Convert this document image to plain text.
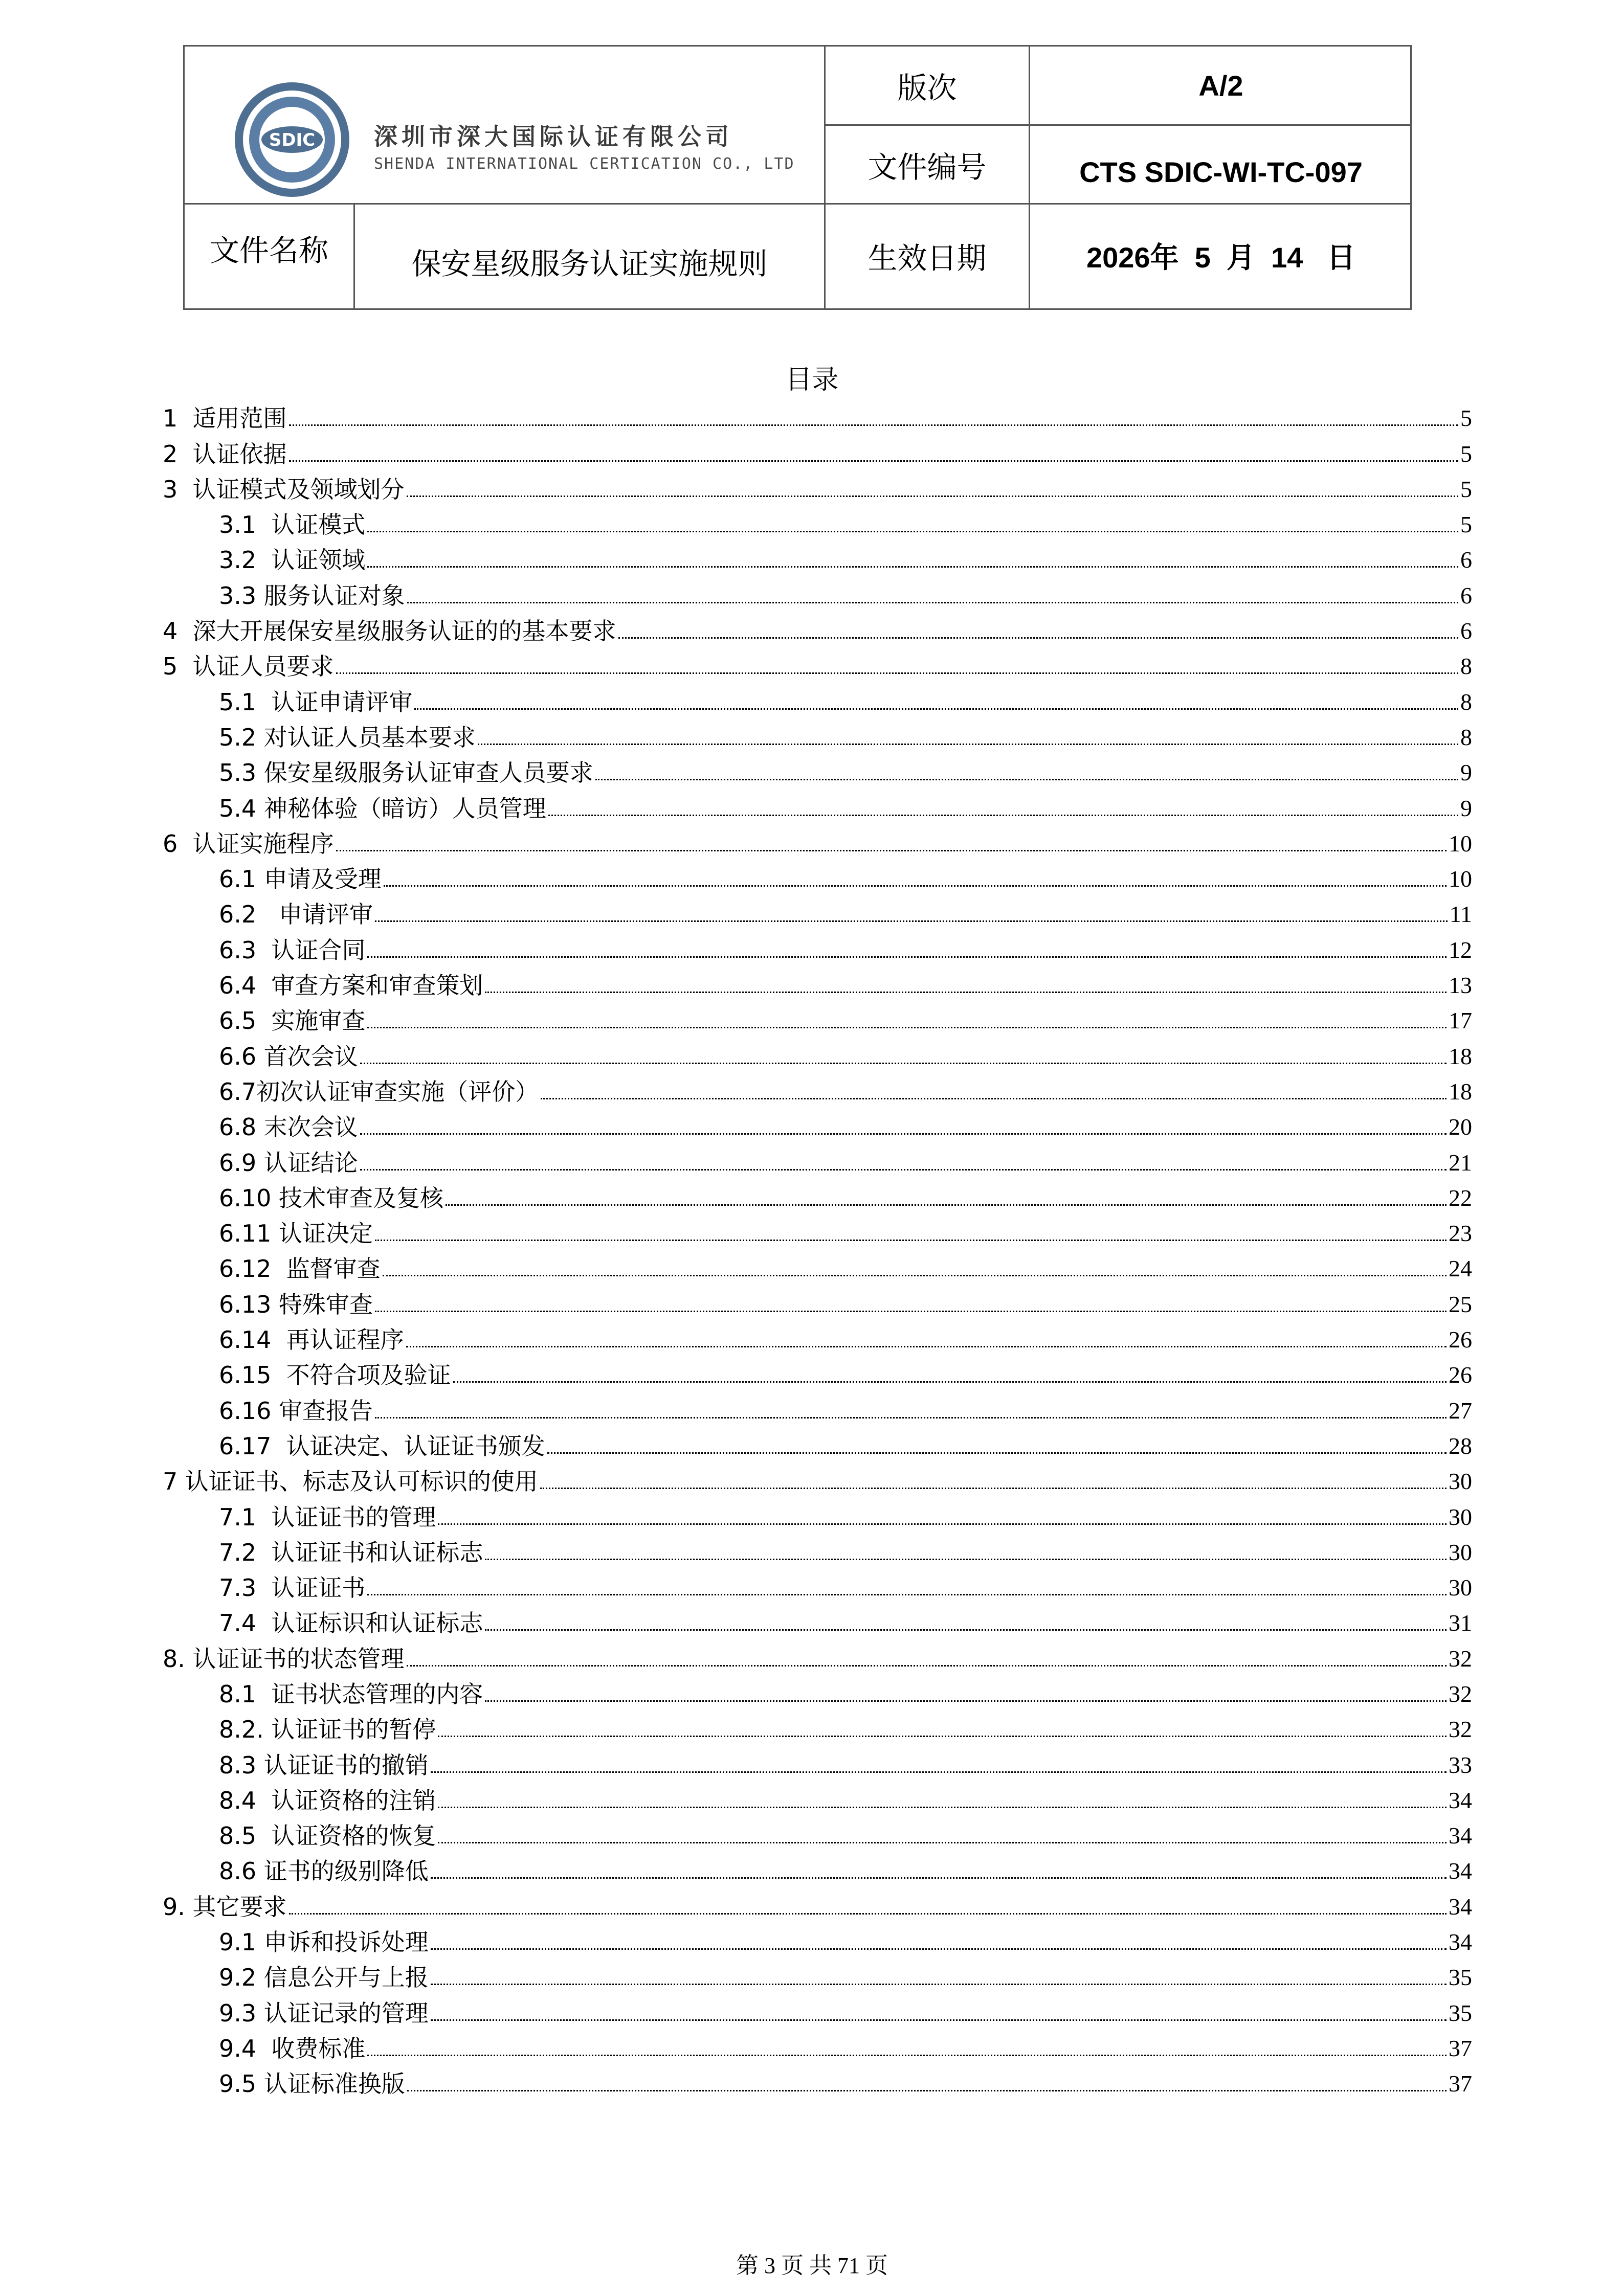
SDIC 深圳市深大国际认证有限公司
SHENDA INTERNATIONAL CERTICATION CO., LTD
版次	A/2
文件编号	CTS SDIC-WI-TC-097
文件名称	保安星级服务认证实施规则	生效日期	2026年  5  月  14   日
目录
1  适用范围	5
2  认证依据	5
3  认证模式及领域划分	5
3.1  认证模式	5
3.2  认证领域	6
3.3 服务认证对象	6
4  深大开展保安星级服务认证的的基本要求	6
5  认证人员要求	8
5.1  认证申请评审	8
5.2 对认证人员基本要求	8
5.3 保安星级服务认证审查人员要求	9
5.4 神秘体验（暗访）人员管理	9
6  认证实施程序	10
6.1 申请及受理	10
6.2   申请评审	11
6.3  认证合同	12
6.4  审查方案和审查策划	13
6.5  实施审查	17
6.6 首次会议	18
6.7初次认证审查实施（评价）	18
6.8 末次会议	20
6.9 认证结论	21
6.10 技术审查及复核	22
6.11 认证决定	23
6.12  监督审查	24
6.13 特殊审查	25
6.14  再认证程序	26
6.15  不符合项及验证	26
6.16 审查报告	27
6.17  认证决定、认证证书颁发	28
7 认证证书、标志及认可标识的使用	30
7.1  认证证书的管理	30
7.2  认证证书和认证标志	30
7.3  认证证书	30
7.4  认证标识和认证标志	31
8. 认证证书的状态管理	32
8.1  证书状态管理的内容	32
8.2. 认证证书的暂停	32
8.3 认证证书的撤销	33
8.4  认证资格的注销	34
8.5  认证资格的恢复	34
8.6 证书的级别降低	34
9. 其它要求	34
9.1 申诉和投诉处理	34
9.2 信息公开与上报	35
9.3 认证记录的管理	35
9.4  收费标准	37
9.5 认证标准换版	37
第 3 页 共 71 页
